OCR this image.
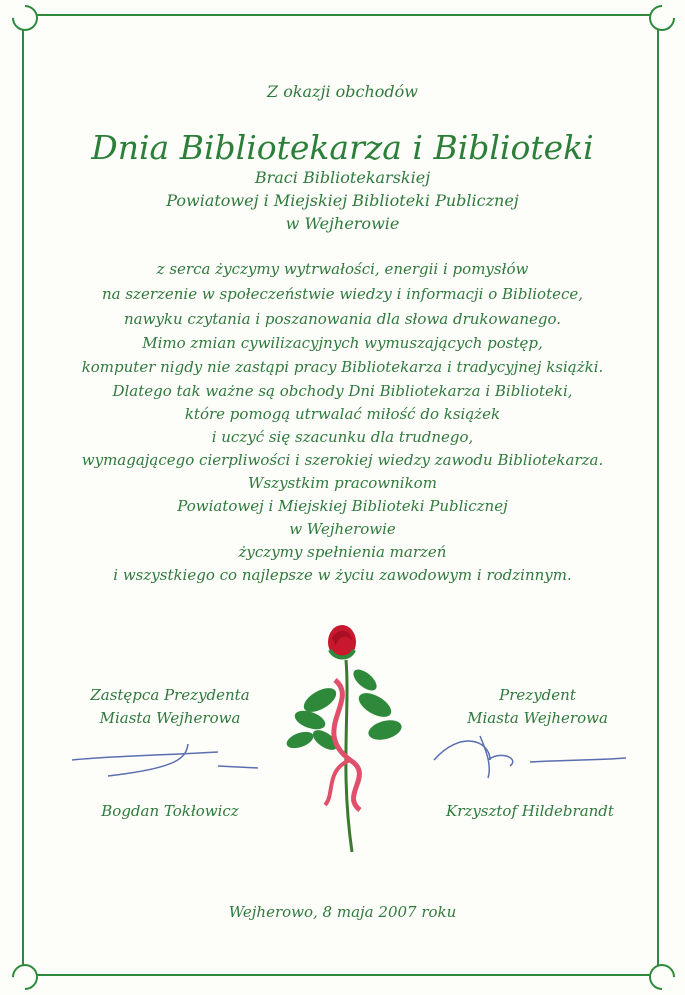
Z okazji obchodów
Dnia Bibliotekarza i Biblioteki
Braci Bibliotekarskiej
Powiatowej i Miejskiej Biblioteki Publicznej
w Wejherowie
z serca życzymy wytrwałości, energii i pomysłów
na szerzenie w społeczeństwie wiedzy i informacji o Bibliotece,
nawyku czytania i poszanowania dla słowa drukowanego.
Mimo zmian cywilizacyjnych wymuszających postęp,
komputer nigdy nie zastąpi pracy Bibliotekarza i tradycyjnej książki.
Dlatego tak ważne są obchody Dni Bibliotekarza i Biblioteki,
które pomogą utrwalać miłość do książek
i uczyć się szacunku dla trudnego,
wymagającego cierpliwości i szerokiej wiedzy zawodu Bibliotekarza.
Wszystkim pracownikom
Powiatowej i Miejskiej Biblioteki Publicznej
w Wejherowie
życzymy spełnienia marzeń
i wszystkiego co najlepsze w życiu zawodowym i rodzinnym.
Zastępca Prezydenta
Miasta Wejherowa
Prezydent
Miasta Wejherowa
Bogdan Tokłowicz	Krzysztof Hildebrandt
Wejherowo, 8 maja 2007 roku
